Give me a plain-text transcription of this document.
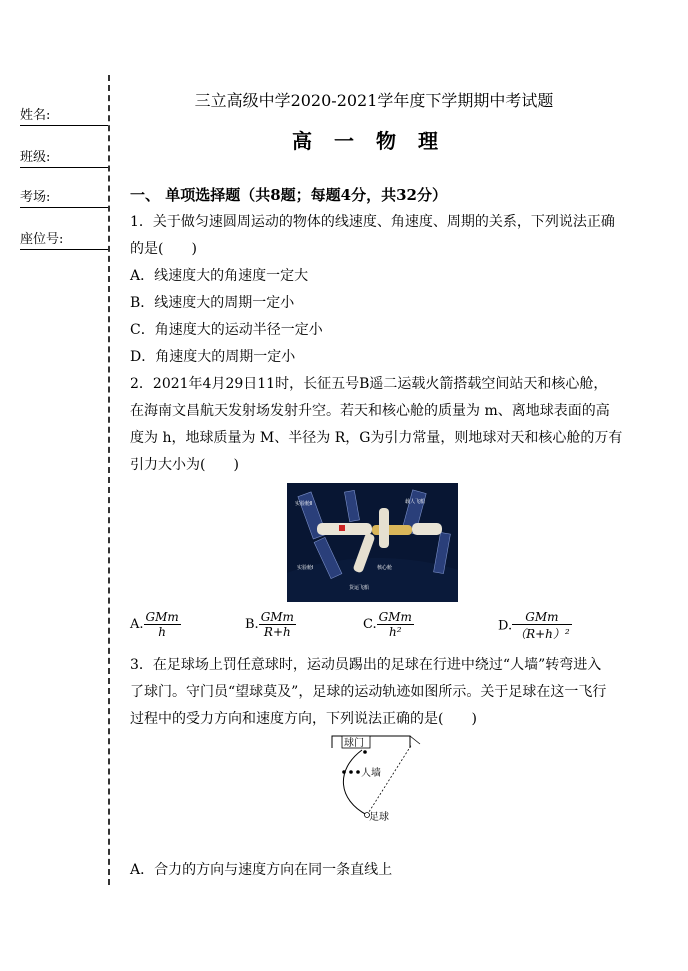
姓名:
班级:
考场:
座位号:
三立高级中学2020-2021学年度下学期期中考试题
高 一 物 理
一、 单项选择题（共8题；每题4分，共32分）
1．关于做匀速圆周运动的物体的线速度、角速度、周期的关系，下列说法正确
的是(　　)
A．线速度大的角速度一定大
B．线速度大的周期一定小
C．角速度大的运动半径一定小
D．角速度大的周期一定小
2．2021年4月29日11时，长征五号B遥二运载火箭搭载空间站天和核心舱，
在海南文昌航天发射场发射升空。若天和核心舱的质量为 m、离地球表面的高
度为 h，地球质量为 M、半径为 R，G为引力常量，则地球对天和核心舱的万有
引力大小为(　　)
实验舱Ⅱ	载人飞船
实验舱Ⅰ
货运飞船
核心舱
A. $\frac{\text{GMm}}{h}$	B. $\frac{\text{GMm}}{R+h}$	C. $\frac{\text{GMm}}{\text{h²}}$	D. $\frac{\text{GMm}}{\text{（R+h）²}}$
3．在足球场上罚任意球时，运动员踢出的足球在行进中绕过“人墙”转弯进入
了球门。守门员“望球莫及”，足球的运动轨迹如图所示。关于足球在这一飞行
过程中的受力方向和速度方向，下列说法正确的是(　　)
球门
人墙
足球
A．合力的方向与速度方向在同一条直线上
